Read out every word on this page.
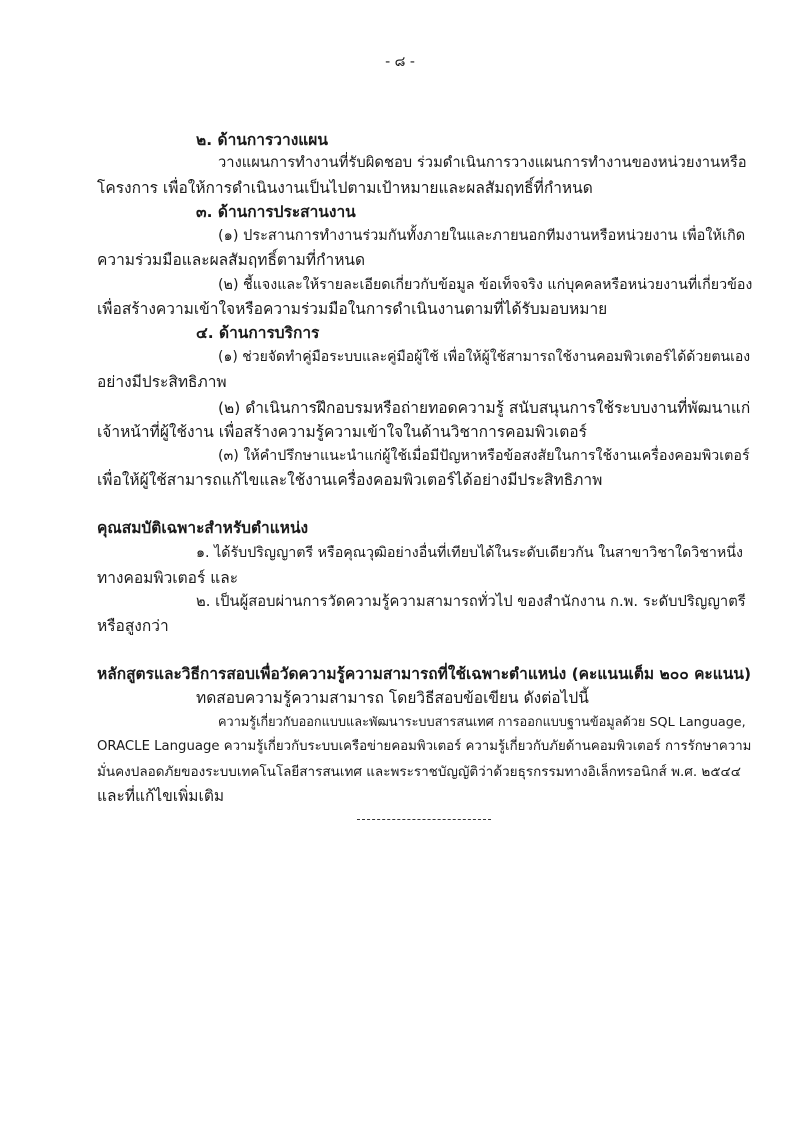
- ๘ -
๒. ด้านการวางแผน
วางแผนการทำงานที่รับผิดชอบ ร่วมดำเนินการวางแผนการทำงานของหน่วยงานหรือ
โครงการ เพื่อให้การดำเนินงานเป็นไปตามเป้าหมายและผลสัมฤทธิ์ที่กำหนด
๓. ด้านการประสานงาน
(๑) ประสานการทำงานร่วมกันทั้งภายในและภายนอกทีมงานหรือหน่วยงาน เพื่อให้เกิด
ความร่วมมือและผลสัมฤทธิ์ตามที่กำหนด
(๒) ชี้แจงและให้รายละเอียดเกี่ยวกับข้อมูล ข้อเท็จจริง แก่บุคคลหรือหน่วยงานที่เกี่ยวข้อง
เพื่อสร้างความเข้าใจหรือความร่วมมือในการดำเนินงานตามที่ได้รับมอบหมาย
๔. ด้านการบริการ
(๑) ช่วยจัดทำคู่มือระบบและคู่มือผู้ใช้ เพื่อให้ผู้ใช้สามารถใช้งานคอมพิวเตอร์ได้ด้วยตนเอง
อย่างมีประสิทธิภาพ
(๒) ดำเนินการฝึกอบรมหรือถ่ายทอดความรู้ สนับสนุนการใช้ระบบงานที่พัฒนาแก่
เจ้าหน้าที่ผู้ใช้งาน เพื่อสร้างความรู้ความเข้าใจในด้านวิชาการคอมพิวเตอร์
(๓) ให้คำปรึกษาแนะนำแก่ผู้ใช้เมื่อมีปัญหาหรือข้อสงสัยในการใช้งานเครื่องคอมพิวเตอร์
เพื่อให้ผู้ใช้สามารถแก้ไขและใช้งานเครื่องคอมพิวเตอร์ได้อย่างมีประสิทธิภาพ
คุณสมบัติเฉพาะสำหรับตำแหน่ง
๑. ได้รับปริญญาตรี หรือคุณวุฒิอย่างอื่นที่เทียบได้ในระดับเดียวกัน ในสาขาวิชาใดวิชาหนึ่ง
ทางคอมพิวเตอร์ และ
๒. เป็นผู้สอบผ่านการวัดความรู้ความสามารถทั่วไป ของสำนักงาน ก.พ. ระดับปริญญาตรี
หรือสูงกว่า
หลักสูตรและวิธีการสอบเพื่อวัดความรู้ความสามารถที่ใช้เฉพาะตำแหน่ง (คะแนนเต็ม ๒๐๐ คะแนน)
ทดสอบความรู้ความสามารถ โดยวิธีสอบข้อเขียน ดังต่อไปนี้
ความรู้เกี่ยวกับออกแบบและพัฒนาระบบสารสนเทศ การออกแบบฐานข้อมูลด้วย SQL Language,
ORACLE Language ความรู้เกี่ยวกับระบบเครือข่ายคอมพิวเตอร์ ความรู้เกี่ยวกับภัยด้านคอมพิวเตอร์ การรักษาความ
มั่นคงปลอดภัยของระบบเทคโนโลยีสารสนเทศ และพระราชบัญญัติว่าด้วยธุรกรรมทางอิเล็กทรอนิกส์ พ.ศ. ๒๕๔๔
และที่แก้ไขเพิ่มเติม
